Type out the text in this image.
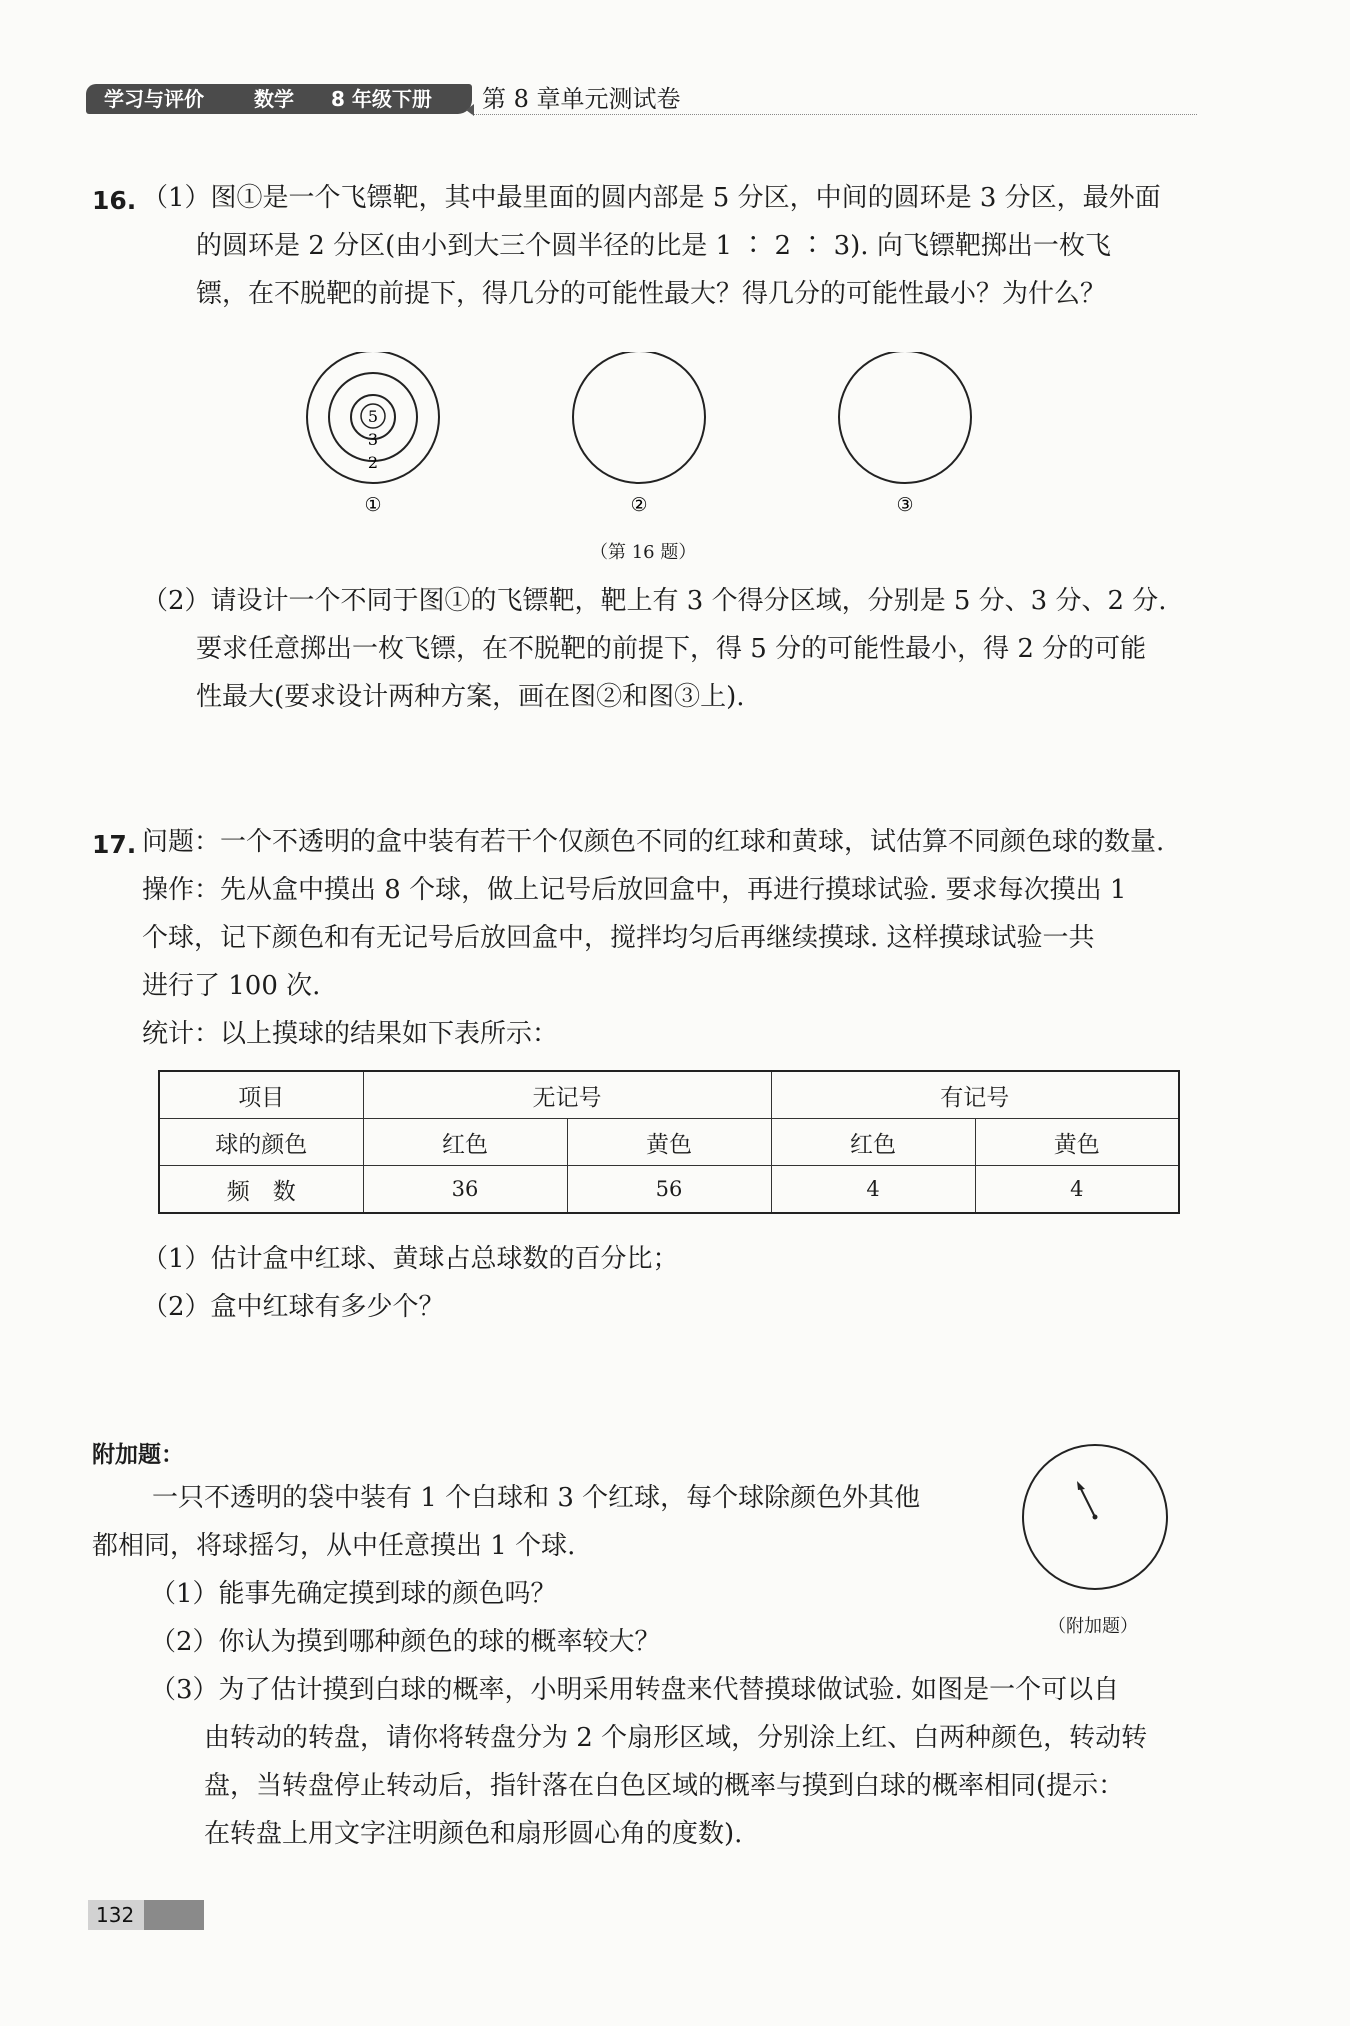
学习与评价	数学 8 年级下册 第 8 章单元测试卷
16. （1）图①是一个飞镖靶，其中最里面的圆内部是 5 分区，中间的圆环是 3 分区，最外面
的圆环是 2 分区(由小到大三个圆半径的比是 1 ∶ 2 ∶ 3). 向飞镖靶掷出一枚飞
镖，在不脱靶的前提下，得几分的可能性最大？得几分的可能性最小？为什么？
5
3
2
①	②	③
（第 16 题）
（2）请设计一个不同于图①的飞镖靶，靶上有 3 个得分区域，分别是 5 分、3 分、2 分.
要求任意掷出一枚飞镖，在不脱靶的前提下，得 5 分的可能性最小，得 2 分的可能
性最大(要求设计两种方案，画在图②和图③上).
17. 问题：一个不透明的盒中装有若干个仅颜色不同的红球和黄球，试估算不同颜色球的数量.
操作：先从盒中摸出 8 个球，做上记号后放回盒中，再进行摸球试验. 要求每次摸出 1
个球，记下颜色和有无记号后放回盒中，搅拌均匀后再继续摸球. 这样摸球试验一共
进行了 100 次.
统计：以上摸球的结果如下表所示：
项目	无记号		有记号	
球的颜色	红色	黄色	红色	黄色
频　数	36	56	4	4
（1）估计盒中红球、黄球占总球数的百分比；
（2）盒中红球有多少个？
附加题：
一只不透明的袋中装有 1 个白球和 3 个红球，每个球除颜色外其他
都相同，将球摇匀，从中任意摸出 1 个球.
（1）能事先确定摸到球的颜色吗？
（2）你认为摸到哪种颜色的球的概率较大？
（3）为了估计摸到白球的概率，小明采用转盘来代替摸球做试验. 如图是一个可以自
由转动的转盘，请你将转盘分为 2 个扇形区域，分别涂上红、白两种颜色，转动转
盘，当转盘停止转动后，指针落在白色区域的概率与摸到白球的概率相同(提示：
在转盘上用文字注明颜色和扇形圆心角的度数).
（附加题）
132
